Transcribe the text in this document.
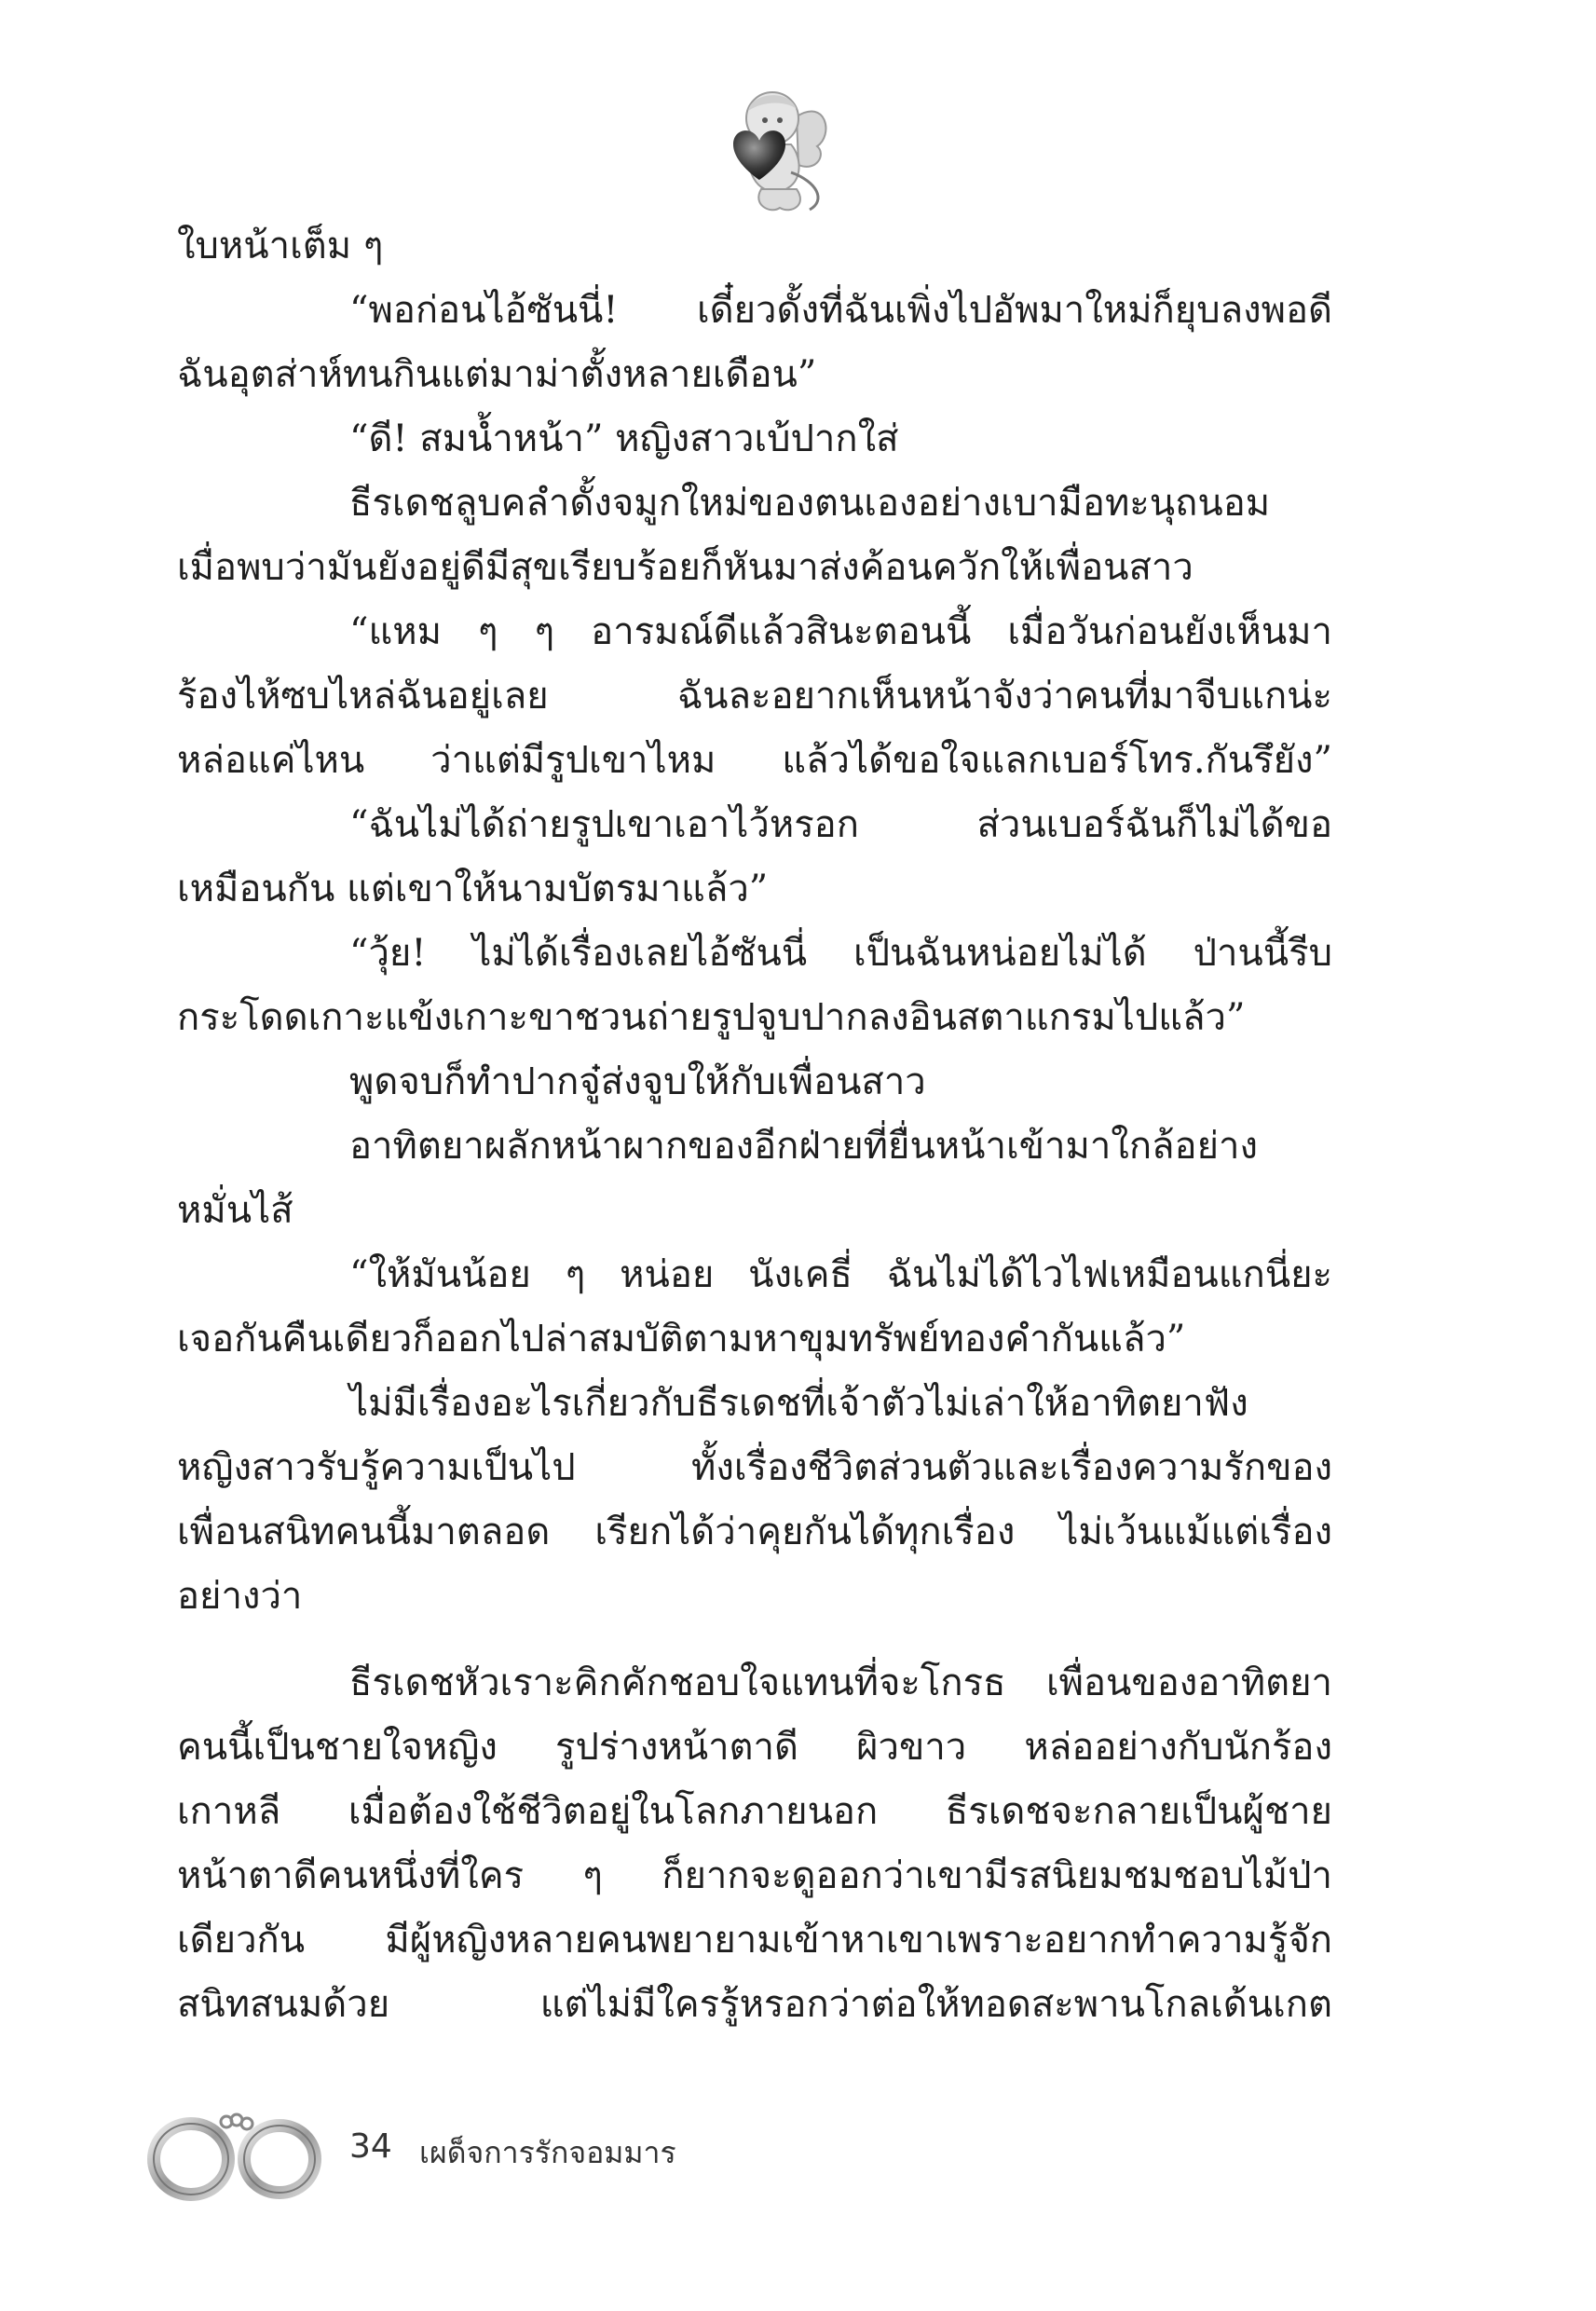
ใบหน้าเต็ม ๆ
“พอก่อนไอ้ซันนี่! เดี๋ยวดั้งที่ฉันเพิ่งไปอัพมาใหม่ก็ยุบลงพอดี
ฉันอุตส่าห์ทนกินแต่มาม่าตั้งหลายเดือน”
“ดี! สมน้ำหน้า” หญิงสาวเบ้ปากใส่
ธีรเดชลูบคลำดั้งจมูกใหม่ของตนเองอย่างเบามือทะนุถนอม
เมื่อพบว่ามันยังอยู่ดีมีสุขเรียบร้อยก็หันมาส่งค้อนควักให้เพื่อนสาว
“แหม ๆ ๆ อารมณ์ดีแล้วสินะตอนนี้ เมื่อวันก่อนยังเห็นมา
ร้องไห้ซบไหล่ฉันอยู่เลย ฉันละอยากเห็นหน้าจังว่าคนที่มาจีบแกน่ะ
หล่อแค่ไหน ว่าแต่มีรูปเขาไหม แล้วได้ขอใจแลกเบอร์โทร.กันรึยัง”
“ฉันไม่ได้ถ่ายรูปเขาเอาไว้หรอก ส่วนเบอร์ฉันก็ไม่ได้ขอ
เหมือนกัน แต่เขาให้นามบัตรมาแล้ว”
“วุ้ย! ไม่ได้เรื่องเลยไอ้ซันนี่ เป็นฉันหน่อยไม่ได้ ป่านนี้รีบ
กระโดดเกาะแข้งเกาะขาชวนถ่ายรูปจูบปากลงอินสตาแกรมไปแล้ว”
พูดจบก็ทำปากจู๋ส่งจูบให้กับเพื่อนสาว
อาทิตยาผลักหน้าผากของอีกฝ่ายที่ยื่นหน้าเข้ามาใกล้อย่าง
หมั่นไส้
“ให้มันน้อย ๆ หน่อย นังเคธี่ ฉันไม่ได้ไวไฟเหมือนแกนี่ยะ
เจอกันคืนเดียวก็ออกไปล่าสมบัติตามหาขุมทรัพย์ทองคำกันแล้ว”
ไม่มีเรื่องอะไรเกี่ยวกับธีรเดชที่เจ้าตัวไม่เล่าให้อาทิตยาฟัง
หญิงสาวรับรู้ความเป็นไป ทั้งเรื่องชีวิตส่วนตัวและเรื่องความรักของ
เพื่อนสนิทคนนี้มาตลอด เรียกได้ว่าคุยกันได้ทุกเรื่อง ไม่เว้นแม้แต่เรื่อง
อย่างว่า
ธีรเดชหัวเราะคิกคักชอบใจแทนที่จะโกรธ เพื่อนของอาทิตยา
คนนี้เป็นชายใจหญิง รูปร่างหน้าตาดี ผิวขาว หล่ออย่างกับนักร้อง
เกาหลี เมื่อต้องใช้ชีวิตอยู่ในโลกภายนอก ธีรเดชจะกลายเป็นผู้ชาย
หน้าตาดีคนหนึ่งที่ใคร ๆ ก็ยากจะดูออกว่าเขามีรสนิยมชมชอบไม้ป่า
เดียวกัน มีผู้หญิงหลายคนพยายามเข้าหาเขาเพราะอยากทำความรู้จัก
สนิทสนมด้วย แต่ไม่มีใครรู้หรอกว่าต่อให้ทอดสะพานโกลเด้นเกต
34 เผด็จการรักจอมมาร
